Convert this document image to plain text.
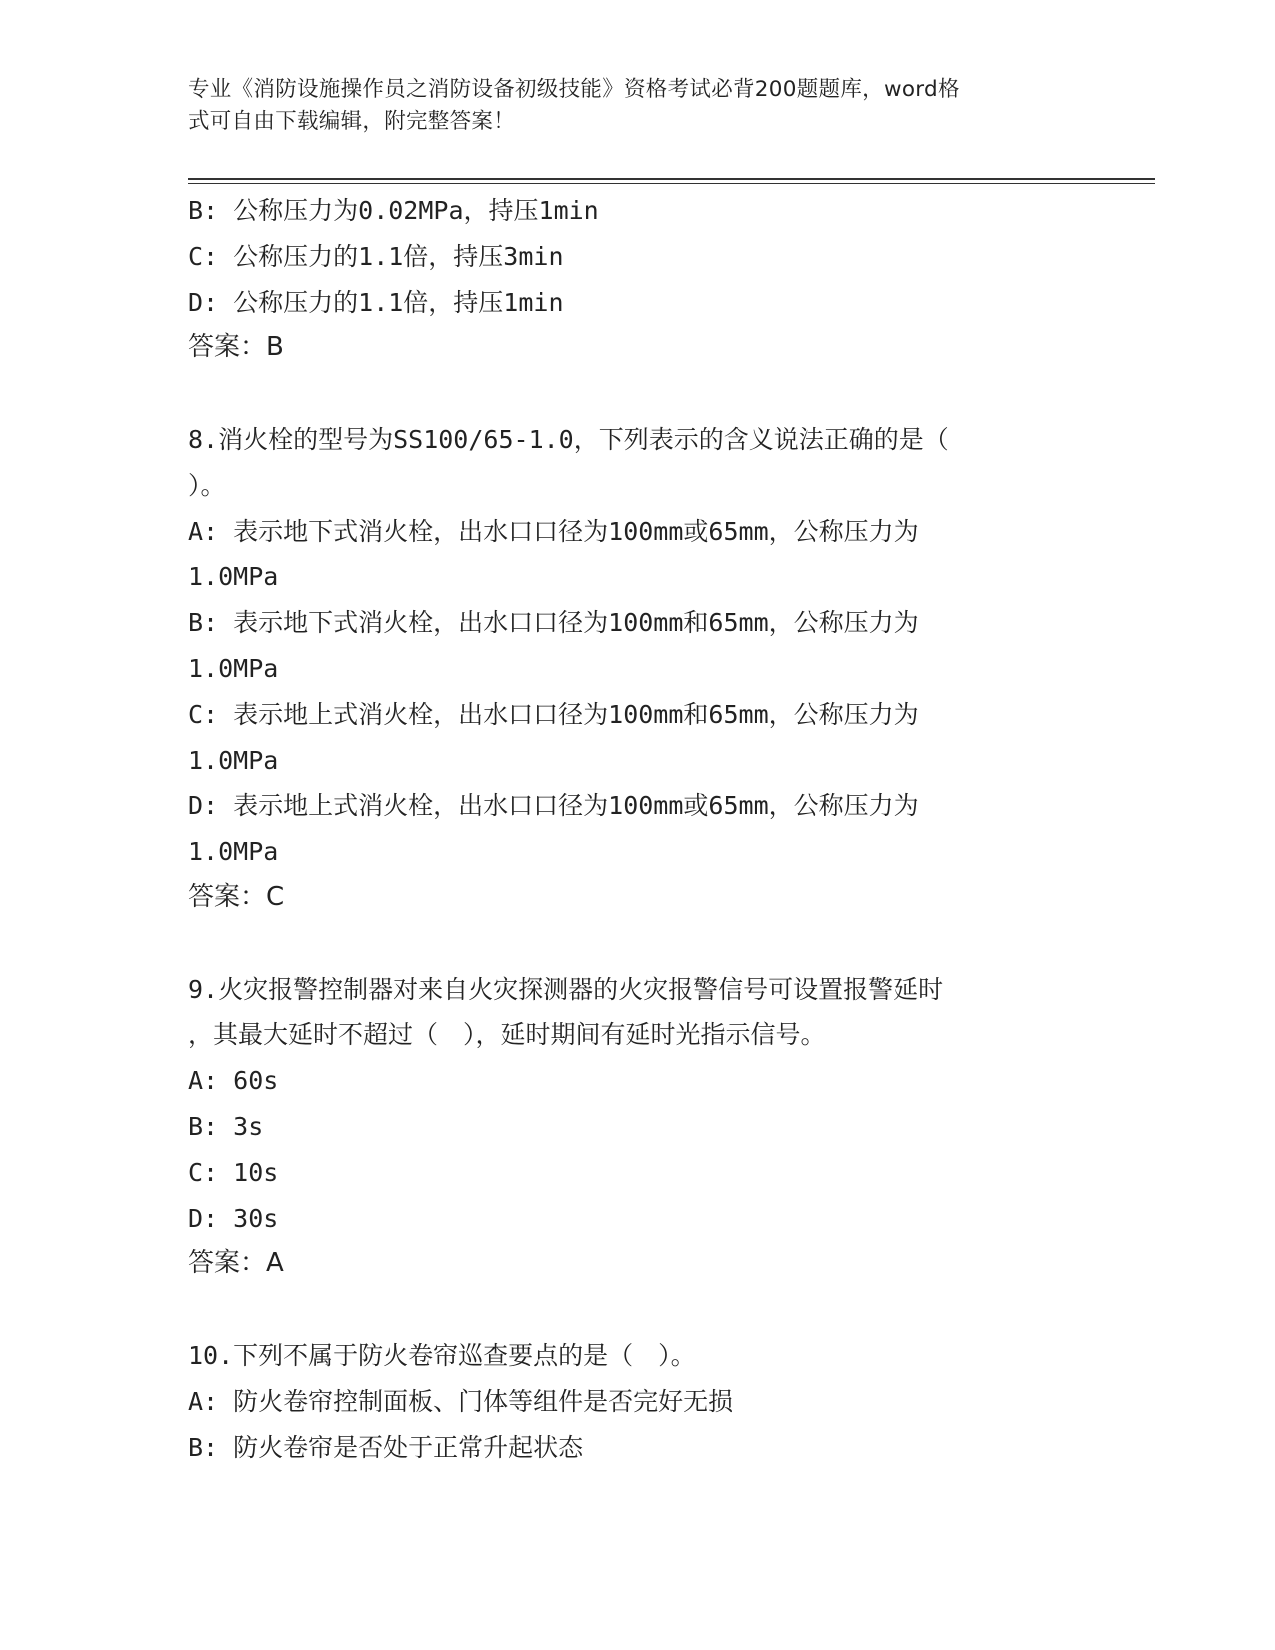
专业《消防设施操作员之消防设备初级技能》资格考试必背200题题库，word格
式可自由下载编辑，附完整答案！
B: 公称压力为0.02MPa，持压1min
C: 公称压力的1.1倍，持压3min
D: 公称压力的1.1倍，持压1min
答案：B
8.消火栓的型号为SS100/65-1.0，下列表示的含义说法正确的是（
）。
A: 表示地下式消火栓，出水口口径为100mm或65mm，公称压力为
1.0MPa
B: 表示地下式消火栓，出水口口径为100mm和65mm，公称压力为
1.0MPa
C: 表示地上式消火栓，出水口口径为100mm和65mm，公称压力为
1.0MPa
D: 表示地上式消火栓，出水口口径为100mm或65mm，公称压力为
1.0MPa
答案：C
9.火灾报警控制器对来自火灾探测器的火灾报警信号可设置报警延时
，其最大延时不超过（　），延时期间有延时光指示信号。
A: 60s
B: 3s
C: 10s
D: 30s
答案：A
10.下列不属于防火卷帘巡查要点的是（　）。
A: 防火卷帘控制面板、门体等组件是否完好无损
B: 防火卷帘是否处于正常升起状态
